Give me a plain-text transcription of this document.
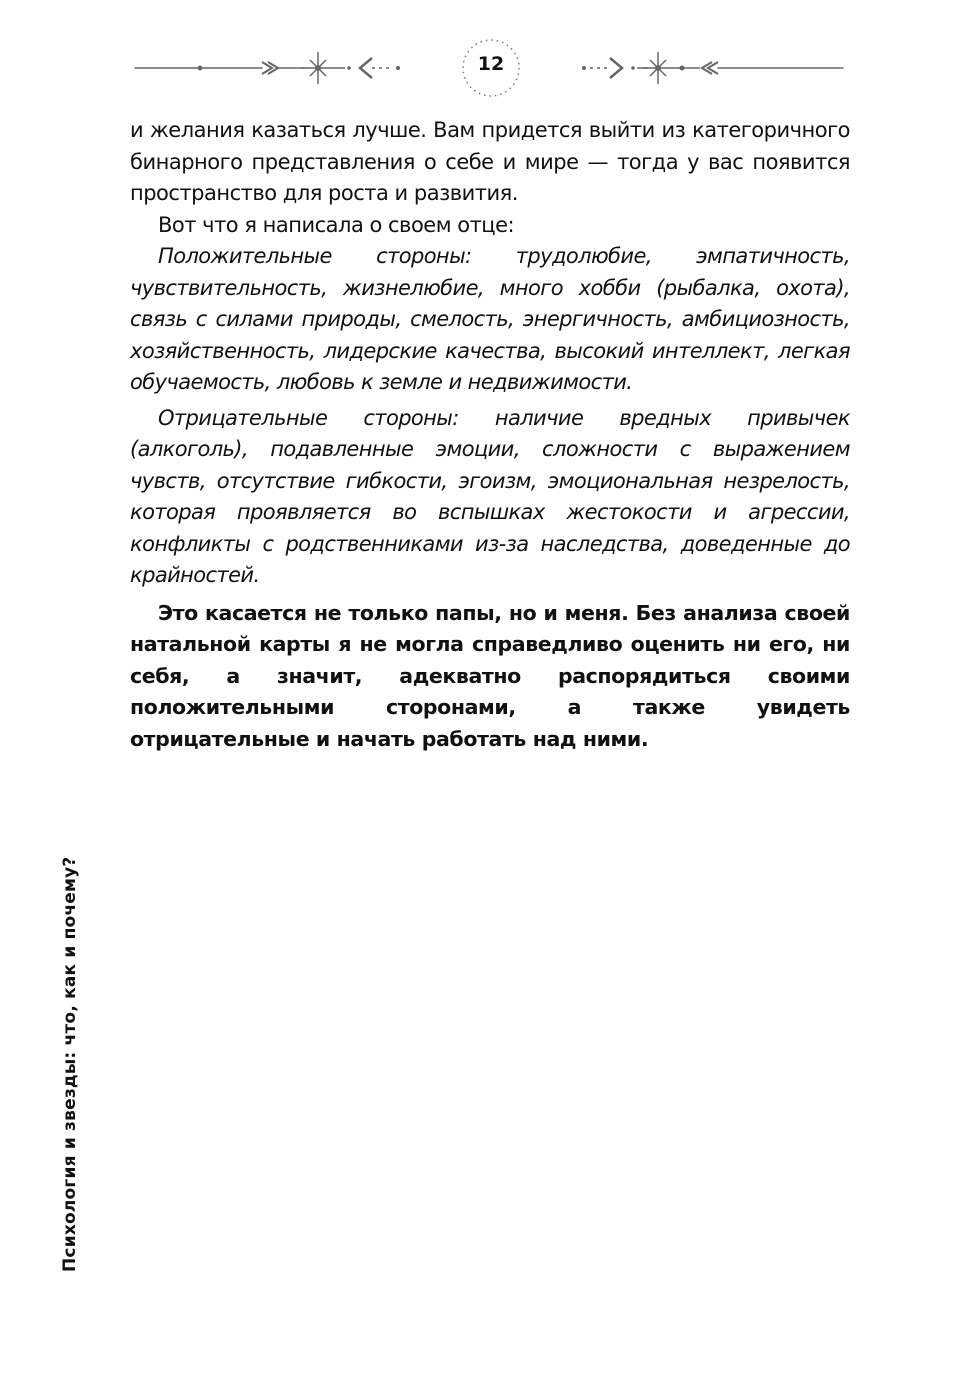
12

и желания казаться лучше. Вам придется выйти из категоричного бинарного представления о себе и мире — тогда у вас появится пространство для роста и развития.

Вот что я написала о своем отце:

Положительные стороны: трудолюбие, эмпатичность, чувствительность, жизнелюбие, много хобби (рыбалка, охота), связь с силами природы, смелость, энергичность, амбициозность, хозяйственность, лидерские качества, высокий интеллект, легкая обучаемость, любовь к земле и недвижимости.

Отрицательные стороны: наличие вредных привычек (алкоголь), подавленные эмоции, сложности с выражением чувств, отсутствие гибкости, эгоизм, эмоциональная незрелость, которая проявляется во вспышках жестокости и агрессии, конфликты с родственниками из-за наследства, доведенные до крайностей.

Это касается не только папы, но и меня. Без анализа своей натальной карты я не могла справедливо оценить ни его, ни себя, а значит, адекватно распорядиться своими положительными сторонами, а также увидеть отрицательные и начать работать над ними.

Психология и звезды: что, как и почему?
